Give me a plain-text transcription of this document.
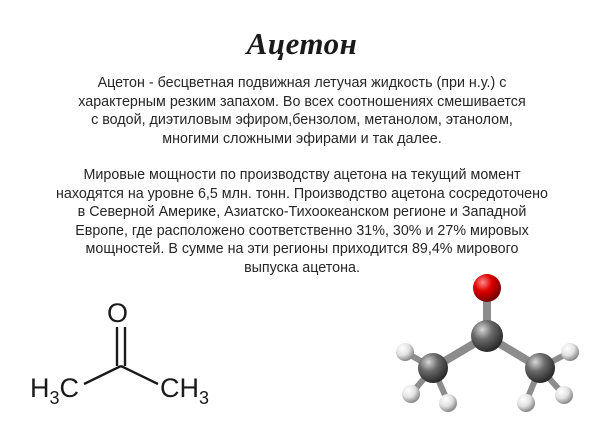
Ацетон
Ацетон - бесцветная подвижная летучая жидкость (при н.у.) с
характерным резким запахом. Во всех соотношениях смешивается
с водой, диэтиловым эфиром,бензолом, метанолом, этанолом,
многими сложными эфирами и так далее.
Мировые мощности по производству ацетона на текущий момент
находятся на уровне 6,5 млн. тонн. Производство ацетона сосредоточено
в Северной Америке, Азиатско-Тихоокеанском регионе и Западной
Европе, где расположено соответственно 31%, 30% и 27% мировых
мощностей. В сумме на эти регионы приходится 89,4% мирового
выпуска ацетона.
O
$H_3C$	$CH_3$
